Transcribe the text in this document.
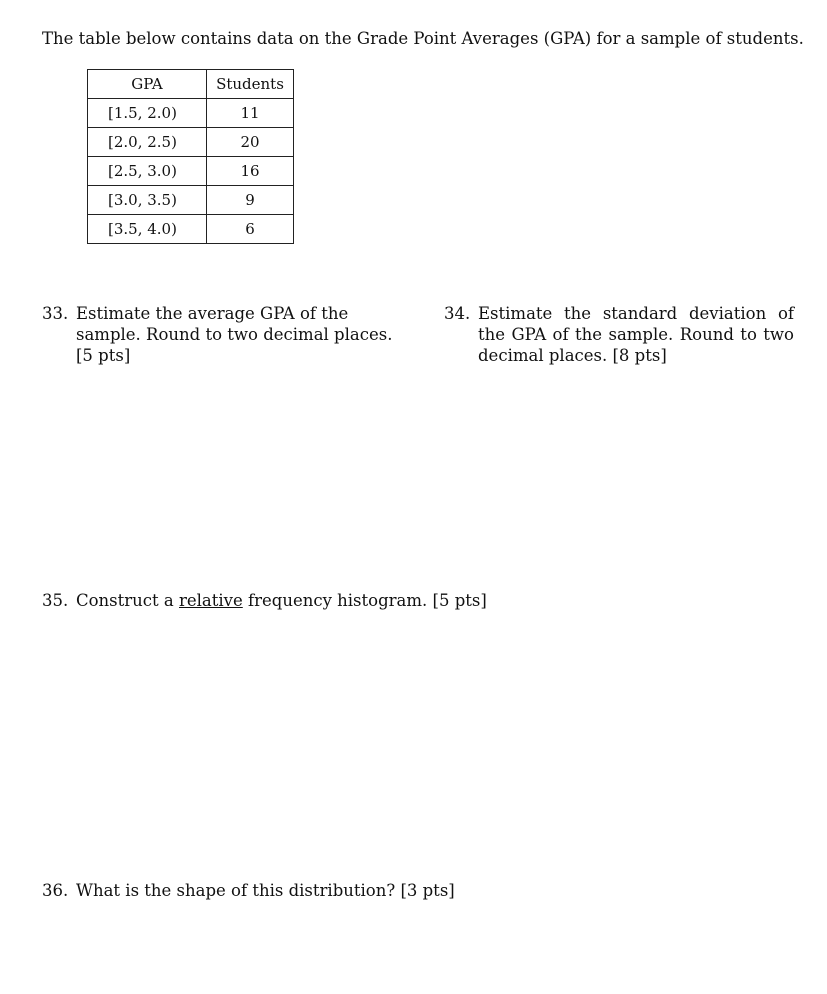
The table below contains data on the Grade Point Averages (GPA) for a sample of students.
GPA	Students
[1.5, 2.0)	11
[2.0, 2.5)	20
[2.5, 3.0)	16
[3.0, 3.5)	9
[3.5, 4.0)	6
33. Estimate the average GPA of the sample. Round to two decimal places. [5 pts]
34. Estimate the standard deviation of the GPA of the sample. Round to two decimal places. [8 pts]
35. Construct a relative frequency histogram. [5 pts]
36. What is the shape of this distribution? [3 pts]
